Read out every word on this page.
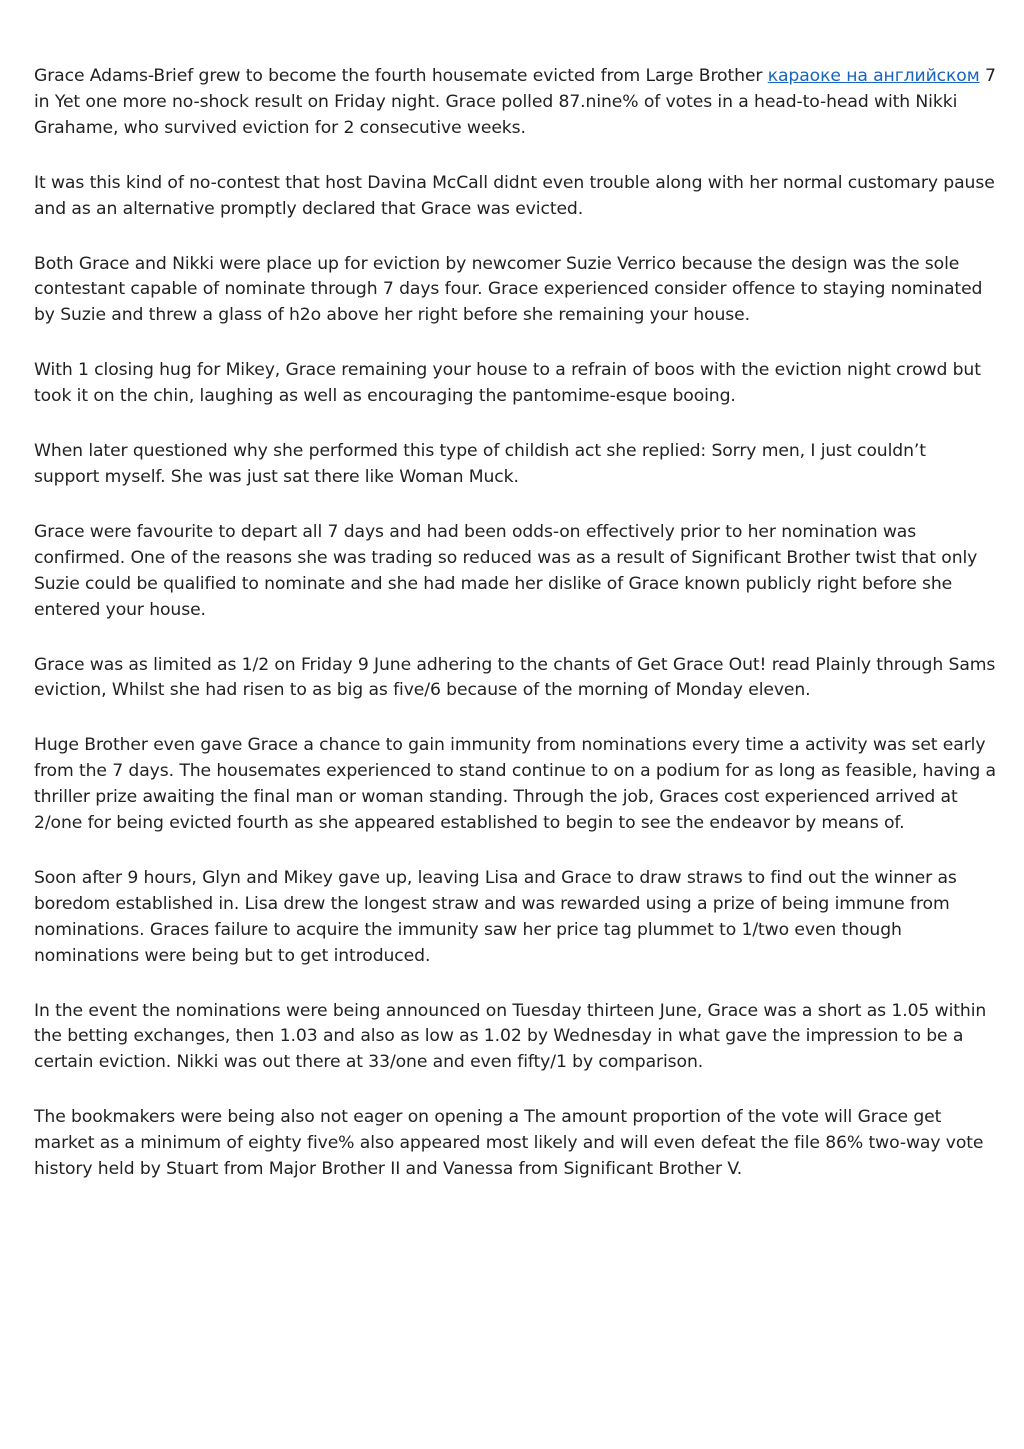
Grace Adams-Brief grew to become the fourth housemate evicted from Large Brother караоке на английском 7 in Yet one more no-shock result on Friday night. Grace polled 87.nine% of votes in a head-to-head with Nikki Grahame, who survived eviction for 2 consecutive weeks.

It was this kind of no-contest that host Davina McCall didnt even trouble along with her normal customary pause and as an alternative promptly declared that Grace was evicted.

Both Grace and Nikki were place up for eviction by newcomer Suzie Verrico because the design was the sole contestant capable of nominate through 7 days four. Grace experienced consider offence to staying nominated by Suzie and threw a glass of h2o above her right before she remaining your house.

With 1 closing hug for Mikey, Grace remaining your house to a refrain of boos with the eviction night crowd but took it on the chin, laughing as well as encouraging the pantomime-esque booing.

When later questioned why she performed this type of childish act she replied: Sorry men, I just couldn’t support myself. She was just sat there like Woman Muck.

Grace were favourite to depart all 7 days and had been odds-on effectively prior to her nomination was confirmed. One of the reasons she was trading so reduced was as a result of Significant Brother twist that only Suzie could be qualified to nominate and she had made her dislike of Grace known publicly right before she entered your house.

Grace was as limited as 1/2 on Friday 9 June adhering to the chants of Get Grace Out! read Plainly through Sams eviction, Whilst she had risen to as big as five/6 because of the morning of Monday eleven.

Huge Brother even gave Grace a chance to gain immunity from nominations every time a activity was set early from the 7 days. The housemates experienced to stand continue to on a podium for as long as feasible, having a thriller prize awaiting the final man or woman standing. Through the job, Graces cost experienced arrived at 2/one for being evicted fourth as she appeared established to begin to see the endeavor by means of.

Soon after 9 hours, Glyn and Mikey gave up, leaving Lisa and Grace to draw straws to find out the winner as boredom established in. Lisa drew the longest straw and was rewarded using a prize of being immune from nominations. Graces failure to acquire the immunity saw her price tag plummet to 1/two even though nominations were being but to get introduced.

In the event the nominations were being announced on Tuesday thirteen June, Grace was a short as 1.05 within the betting exchanges, then 1.03 and also as low as 1.02 by Wednesday in what gave the impression to be a certain eviction. Nikki was out there at 33/one and even fifty/1 by comparison.

The bookmakers were being also not eager on opening a The amount proportion of the vote will Grace get market as a minimum of eighty five% also appeared most likely and will even defeat the file 86% two-way vote history held by Stuart from Major Brother II and Vanessa from Significant Brother V.
